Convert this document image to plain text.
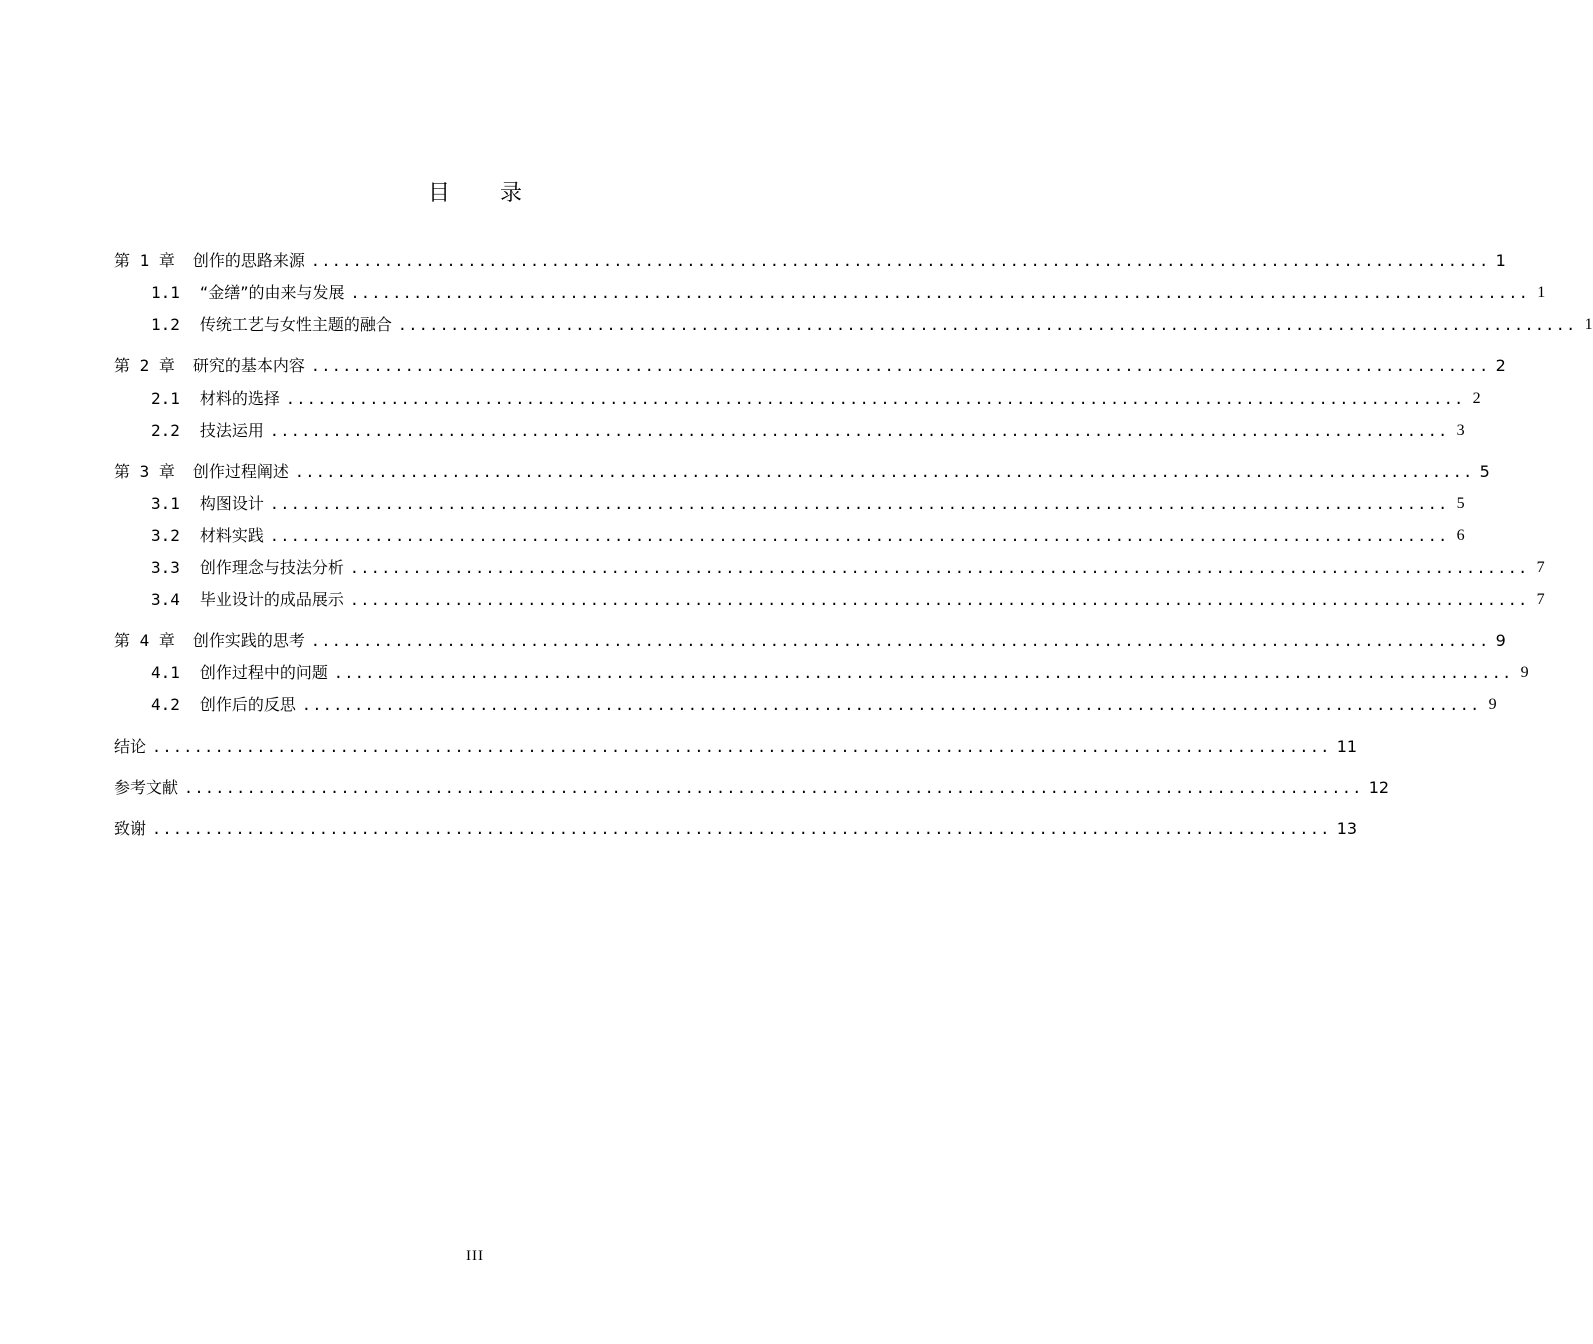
目 录
第 1 章 创作的思路来源 ................................................................................................................. 1
1.1 “金缮”的由来与发展 ................................................................................................................. 1
1.2 传统工艺与女性主题的融合 ................................................................................................................. 1
第 2 章 研究的基本内容 ................................................................................................................. 2
2.1 材料的选择 ................................................................................................................. 2
2.2 技法运用 ................................................................................................................. 3
第 3 章 创作过程阐述 ................................................................................................................. 5
3.1 构图设计 ................................................................................................................. 5
3.2 材料实践 ................................................................................................................. 6
3.3 创作理念与技法分析 ................................................................................................................. 7
3.4 毕业设计的成品展示 ................................................................................................................. 7
第 4 章 创作实践的思考 ................................................................................................................. 9
4.1 创作过程中的问题 ................................................................................................................. 9
4.2 创作后的反思 ................................................................................................................. 9
结论 ................................................................................................................. 11
参考文献 ................................................................................................................. 12
致谢 ................................................................................................................. 13
III
